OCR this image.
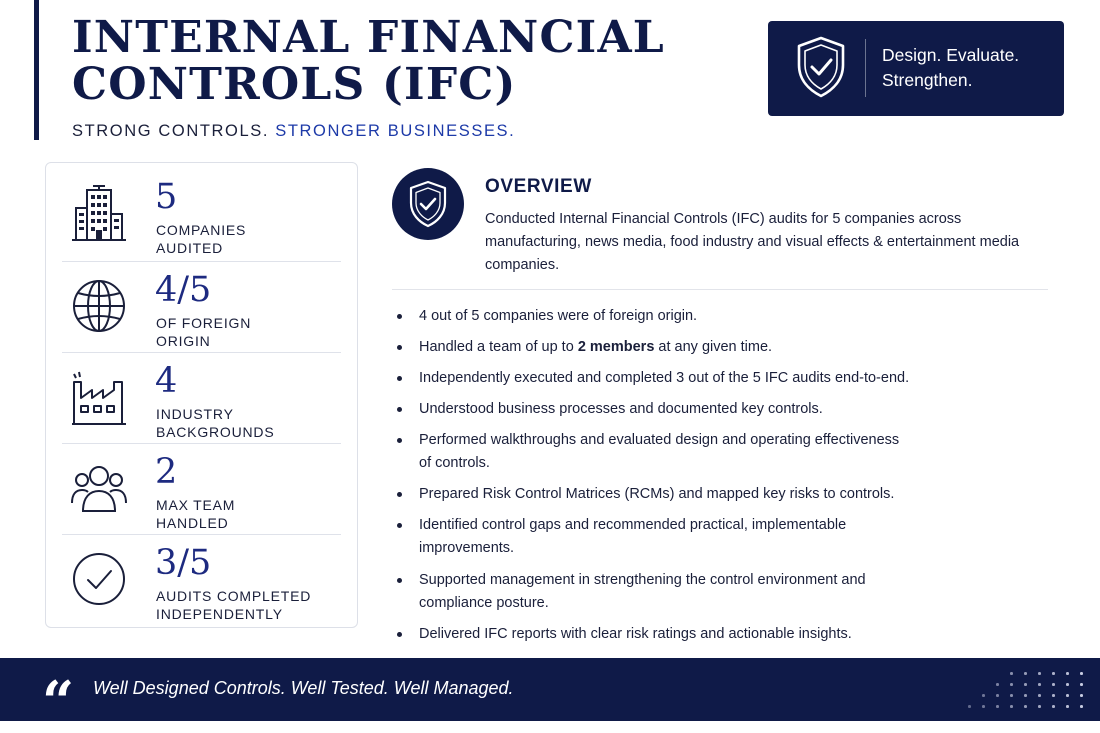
INTERNAL FINANCIAL
CONTROLS (IFC)
STRONG CONTROLS. STRONGER BUSINESSES.
Design. Evaluate.
Strengthen.
5
COMPANIES
AUDITED
4/5
OF FOREIGN
ORIGIN
4
INDUSTRY
BACKGROUNDS
2
MAX TEAM
HANDLED
3/5
AUDITS COMPLETED
INDEPENDENTLY
OVERVIEW

Conducted Internal Financial Controls (IFC) audits for 5 companies across manufacturing, news media, food industry and visual effects & entertainment media companies.

4 out of 5 companies were of foreign origin.
Handled a team of up to 2 members at any given time.
Independently executed and completed 3 out of the 5 IFC audits end-to-end.
Understood business processes and documented key controls.
Performed walkthroughs and evaluated design and operating effectiveness
of controls.
Prepared Risk Control Matrices (RCMs) and mapped key risks to controls.
Identified control gaps and recommended practical, implementable
improvements.
Supported management in strengthening the control environment and
compliance posture.
Delivered IFC reports with clear risk ratings and actionable insights.
“ Well Designed Controls. Well Tested. Well Managed.
